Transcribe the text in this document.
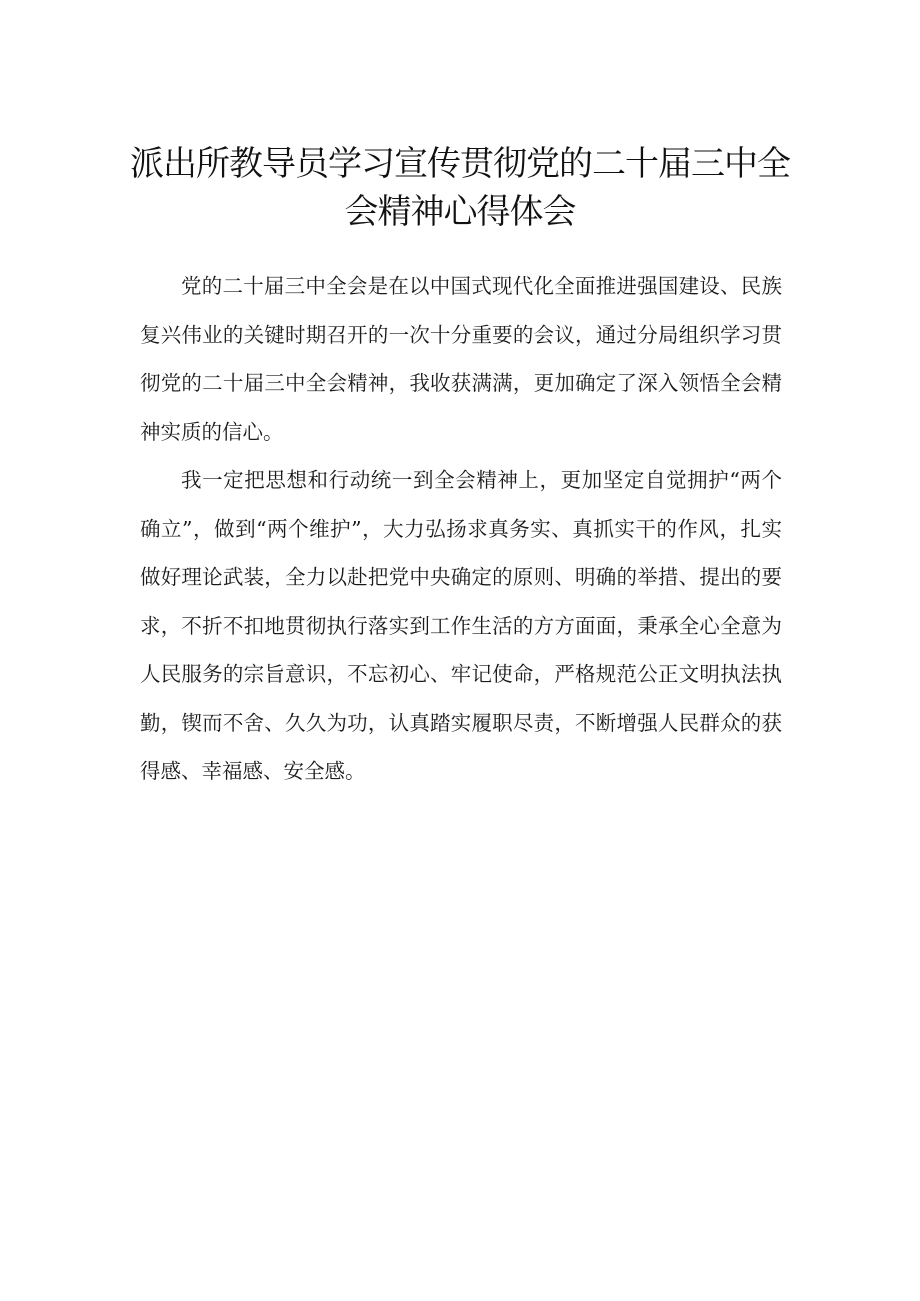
派出所教导员学习宣传贯彻党的二十届三中全会精神心得体会

党的二十届三中全会是在以中国式现代化全面推进强国建设、民族复兴伟业的关键时期召开的一次十分重要的会议，通过分局组织学习贯彻党的二十届三中全会精神，我收获满满，更加确定了深入领悟全会精神实质的信心。

我一定把思想和行动统一到全会精神上，更加坚定自觉拥护“两个确立”，做到“两个维护”，大力弘扬求真务实、真抓实干的作风，扎实做好理论武装，全力以赴把党中央确定的原则、明确的举措、提出的要求，不折不扣地贯彻执行落实到工作生活的方方面面，秉承全心全意为人民服务的宗旨意识，不忘初心、牢记使命，严格规范公正文明执法执勤，锲而不舍、久久为功，认真踏实履职尽责，不断增强人民群众的获得感、幸福感、安全感。
